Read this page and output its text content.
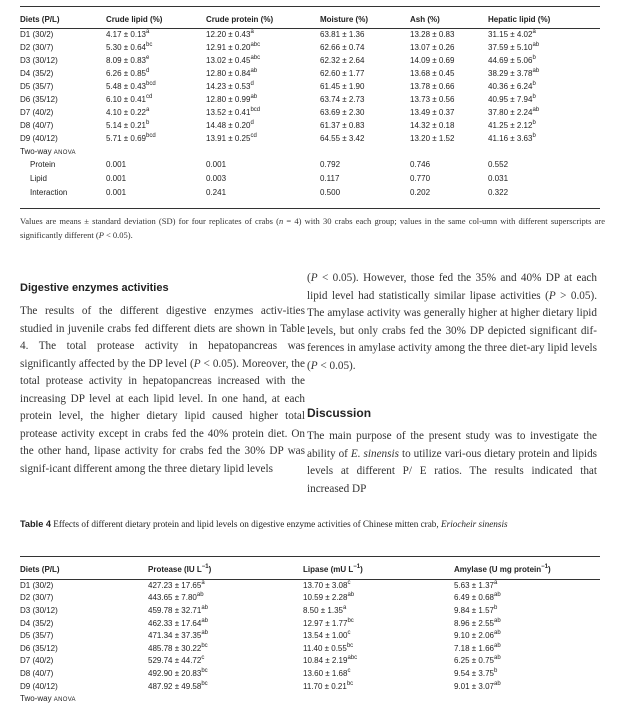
Diets (P/L)	Crude lipid (%)	Crude protein (%)	Moisture (%)	Ash (%)	Hepatic lipid (%)
D1 (30/2)	4.17 ± 0.13$^a$	12.20 ± 0.43$^a$	63.81 ± 1.36	13.28 ± 0.83	31.15 ± 4.02$^a$
D2 (30/7)	5.30 ± 0.64$^{bc}$	12.91 ± 0.20$^{abc}$	62.66 ± 0.74	13.07 ± 0.26	37.59 ± 5.10$^{ab}$
D3 (30/12)	8.09 ± 0.83$^e$	13.02 ± 0.45$^{abc}$	62.32 ± 2.64	14.09 ± 0.69	44.69 ± 5.06$^b$
D4 (35/2)	6.26 ± 0.85$^d$	12.80 ± 0.84$^{ab}$	62.60 ± 1.77	13.68 ± 0.45	38.29 ± 3.78$^{ab}$
D5 (35/7)	5.48 ± 0.43$^{bcd}$	14.23 ± 0.53$^d$	61.45 ± 1.90	13.78 ± 0.66	40.36 ± 6.24$^b$
D6 (35/12)	6.10 ± 0.41$^{cd}$	12.80 ± 0.99$^{ab}$	63.74 ± 2.73	13.73 ± 0.56	40.95 ± 7.94$^b$
D7 (40/2)	4.10 ± 0.22$^a$	13.52 ± 0.41$^{bcd}$	63.69 ± 2.30	13.49 ± 0.37	37.80 ± 2.24$^{ab}$
D8 (40/7)	5.14 ± 0.21$^b$	14.48 ± 0.20$^d$	61.37 ± 0.83	14.32 ± 0.18	41.25 ± 2.12$^b$
D9 (40/12)	5.71 ± 0.69$^{bcd}$	13.91 ± 0.25$^{cd}$	64.55 ± 3.42	13.20 ± 1.52	41.16 ± 3.63$^b$
Two-way ANOVA					
Protein	0.001	0.001	0.792	0.746	0.552
Lipid	0.001	0.003	0.117	0.770	0.031
Interaction	0.001	0.241	0.500	0.202	0.322
Values are means ± standard deviation (SD) for four replicates of crabs (n = 4) with 30 crabs each group; values in the same col-umn with different superscripts are significantly different (P < 0.05).
Digestive enzymes activities
The results of the different digestive enzymes activ-ities studied in juvenile crabs fed different diets are shown in Table 4. The total protease activity in hepatopancreas was significantly affected by the DP level (P < 0.05). Moreover, the total protease activity in hepatopancreas increased with the increasing DP level at each lipid level. In one hand, at each protein level, the higher dietary lipid caused higher total protease activity except in crabs fed the 40% protein diet. On the other hand, lipase activity for crabs fed the 30% DP was signif-icant different among the three dietary lipid levels
(P < 0.05). However, those fed the 35% and 40% DP at each lipid level had statistically similar lipase activities (P > 0.05). The amylase activity was generally higher at higher dietary lipid levels, but only crabs fed the 30% DP depicted significant dif-ferences in amylase activity among the three diet-ary lipid levels (P < 0.05).
Discussion
The main purpose of the present study was to investigate the ability of E. sinensis to utilize vari-ous dietary protein and lipids levels at different P/ E ratios. The results indicated that increased DP
Table 4 Effects of different dietary protein and lipid levels on digestive enzyme activities of Chinese mitten crab, Eriocheir sinensis
Diets (P/L)	Protease (IU $L^{-1}$)	Lipase (mU $L^{-1}$)	Amylase (U mg protein$^{-1}$)
D1 (30/2)	427.23 ± 17.65$^a$	13.70 ± 3.08$^c$	5.63 ± 1.37$^a$
D2 (30/7)	443.65 ± 7.80$^{ab}$	10.59 ± 2.28$^{ab}$	6.49 ± 0.68$^{ab}$
D3 (30/12)	459.78 ± 32.71$^{ab}$	8.50 ± 1.35$^a$	9.84 ± 1.57$^b$
D4 (35/2)	462.33 ± 17.64$^{ab}$	12.97 ± 1.77$^{bc}$	8.96 ± 2.55$^{ab}$
D5 (35/7)	471.34 ± 37.35$^{ab}$	13.54 ± 1.00$^c$	9.10 ± 2.06$^{ab}$
D6 (35/12)	485.78 ± 30.22$^{bc}$	11.40 ± 0.55$^{bc}$	7.18 ± 1.66$^{ab}$
D7 (40/2)	529.74 ± 44.72$^c$	10.84 ± 2.19$^{abc}$	6.25 ± 0.75$^{ab}$
D8 (40/7)	492.90 ± 20.83$^{bc}$	13.60 ± 1.68$^c$	9.54 ± 3.75$^b$
D9 (40/12)	487.92 ± 49.58$^{bc}$	11.70 ± 0.21$^{bc}$	9.01 ± 3.07$^{ab}$
Two-way ANOVA			
